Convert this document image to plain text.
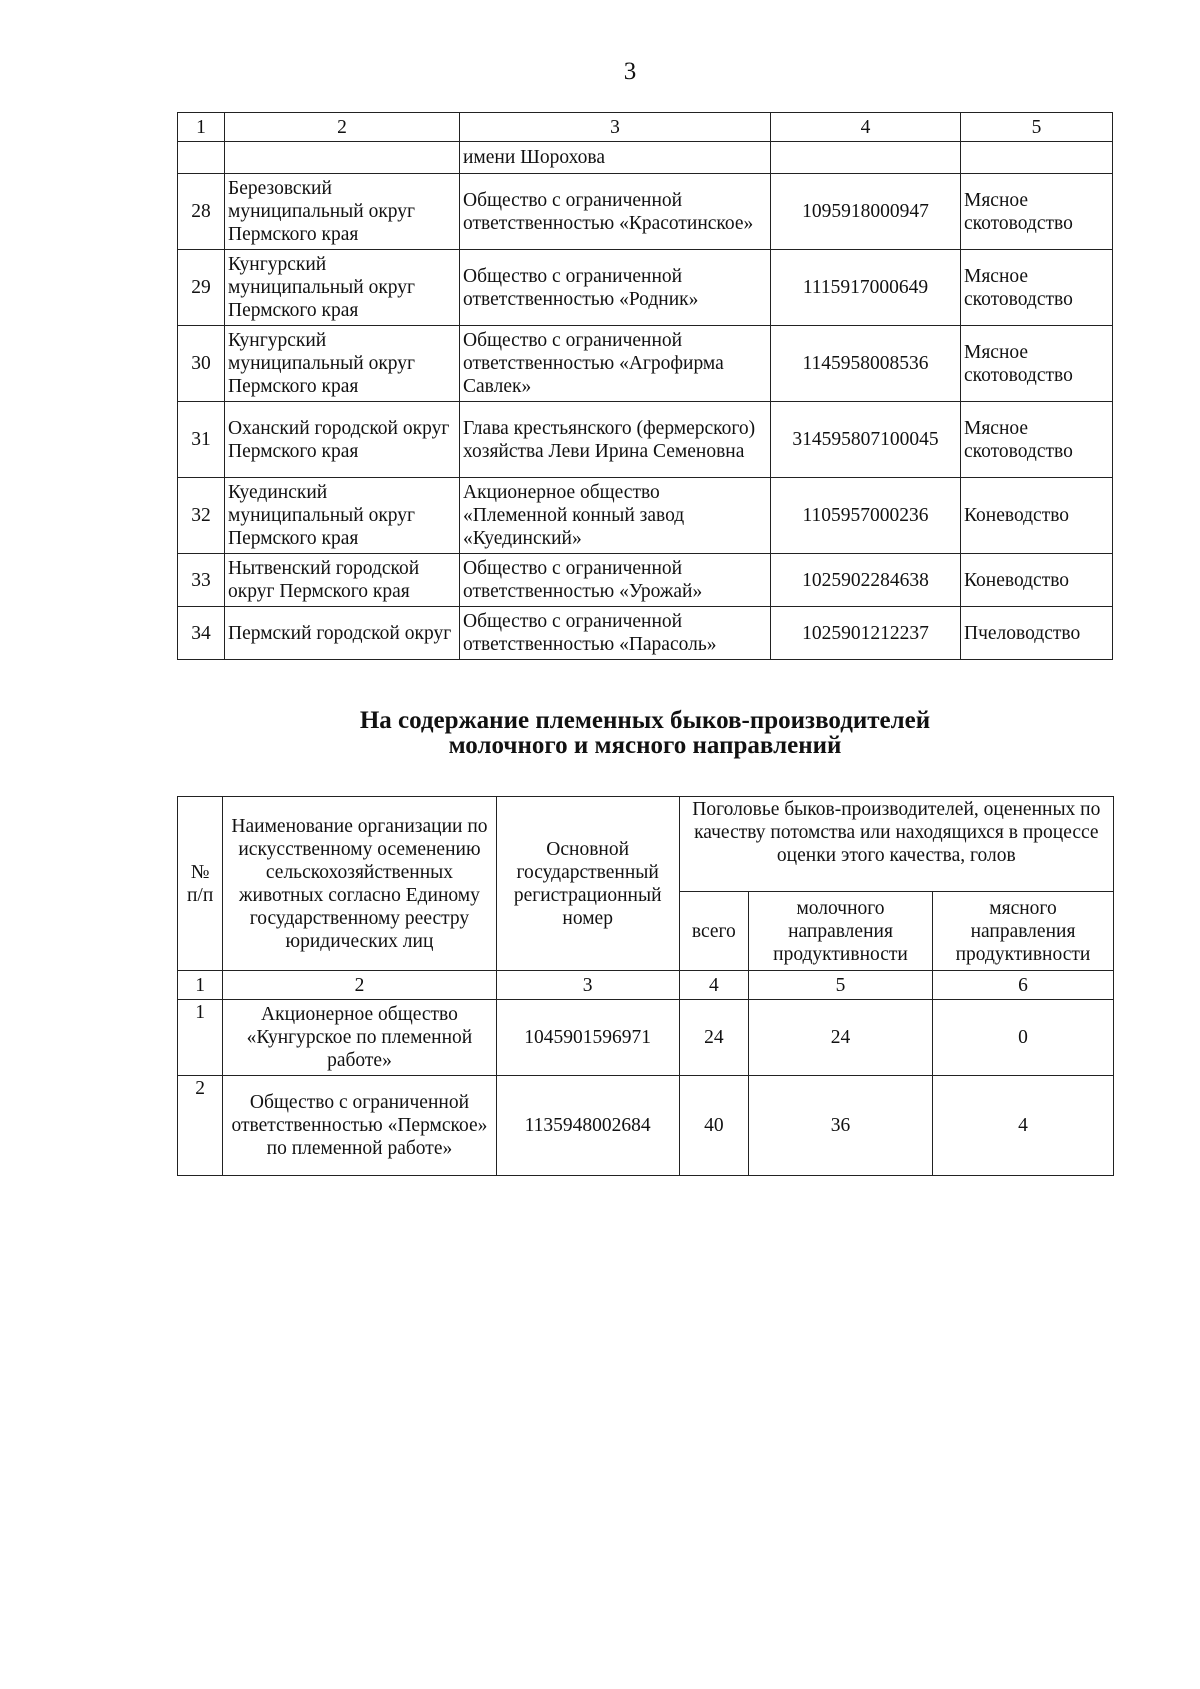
3
1	2	3	4	5
		имени Шорохова		
28	Березовский муниципальный округ Пермского края	Общество с ограниченной ответственностью «Красотинское»	1095918000947	Мясное скотоводство
29	Кунгурский муниципальный округ Пермского края	Общество с ограниченной ответственностью «Родник»	1115917000649	Мясное скотоводство
30	Кунгурский муниципальный округ Пермского края	Общество с ограниченной ответственностью «Агрофирма Савлек»	1145958008536	Мясное скотоводство
31	Оханский городской округ Пермского края	Глава крестьянского (фермерского) хозяйства Леви Ирина Семеновна	314595807100045	Мясное скотоводство
32	Куединский муниципальный округ Пермского края	Акционерное общество «Племенной конный завод «Куединский»	1105957000236	Коневодство
33	Нытвенский городской округ Пермского края	Общество с ограниченной ответственностью «Урожай»	1025902284638	Коневодство
34	Пермский городской округ	Общество с ограниченной ответственностью «Парасоль»	1025901212237	Пчеловодство
На содержание племенных быков-производителей
молочного и мясного направлений
№ п/п	Наименование организации по искусственному осеменению сельскохозяйственных животных согласно Единому государственному реестру юридических лиц	Основной государственный регистрационный номер	Поголовье быков-производителей, оцененных по качеству потомства или находящихся в процессе оценки этого качества, голов		
			всего	молочного направления продуктивности	мясного направления продуктивности
1	2	3	4	5	6
1	Акционерное общество «Кунгурское по племенной работе»	1045901596971	24	24	0
2	Общество с ограниченной ответственностью «Пермское» по племенной работе»	1135948002684	40	36	4
